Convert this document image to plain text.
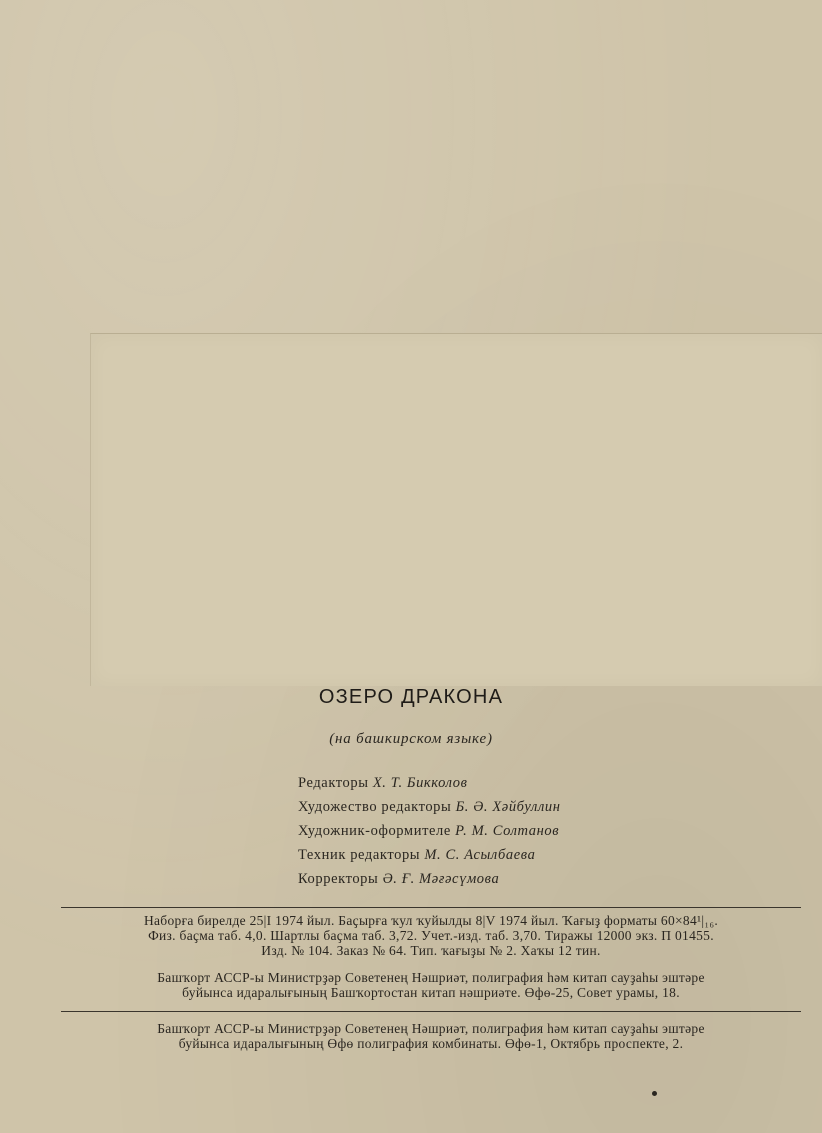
ОЗЕРО ДРАКОНА
(на башкирском языке)
Редакторы Х. Т. Бикколов
Художество редакторы Б. Ә. Хәйбуллин
Художник-оформителе Р. М. Солтанов
Техник редакторы М. С. Асылбаева
Корректоры Ә. Ғ. Мәғәсүмова
Набоpғa бирелде 25|I 1974 йыл. Баҫырға ҡул ҡуйылды 8|V 1974 йыл. Ҡағыҙ форматы 60×84¹|₁₆.
Физ. баҫма таб. 4,0. Шартлы баҫма таб. 3,72. Учет.-изд. таб. 3,70. Тиражы 12000 экз. П 01455.
Изд. № 104. Заказ № 64. Тип. ҡағыҙы № 2. Хаҡы 12 тин.
Башҡорт АССР-ы Министрҙәр Советенең Нәшриәт, полиграфия һәм китап сауҙаһы эштәре
буйынса идаралығының Башҡортостан китап нәшриәте. Өфө-25, Совет урамы, 18.
Башҡорт АССР-ы Министрҙәр Советенең Нәшриәт, полиграфия һәм китап сауҙаһы эштәре
буйынса идаралығының Өфө полиграфия комбинаты. Өфө-1, Октябрь проспекте, 2.
